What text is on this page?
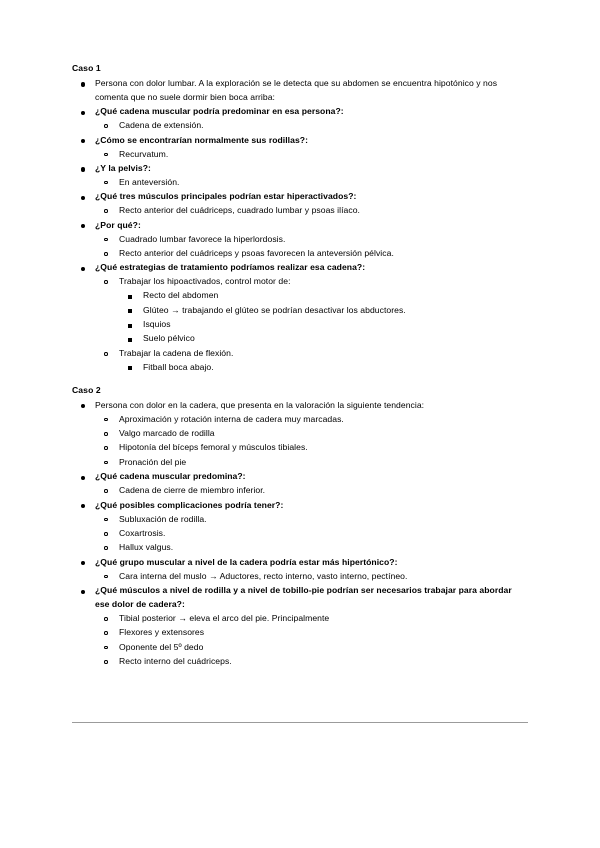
Caso 1
Persona con dolor lumbar. A la exploración se le detecta que su abdomen se encuentra hipotónico y nos comenta que no suele dormir bien boca arriba:
¿Qué cadena muscular podría predominar en esa persona?:
Cadena de extensión.
¿Cómo se encontrarían normalmente sus rodillas?:
Recurvatum.
¿Y la pelvis?:
En anteversión.
¿Qué tres músculos principales podrían estar hiperactivados?:
Recto anterior del cuádriceps, cuadrado lumbar y psoas ilíaco.
¿Por qué?:
Cuadrado lumbar favorece la hiperlordosis.
Recto anterior del cuádriceps y psoas favorecen la anteversión pélvica.
¿Qué estrategias de tratamiento podríamos realizar esa cadena?:
Trabajar los hipoactivados, control motor de:
Recto del abdomen
Glúteo → trabajando el glúteo se podrían desactivar los abductores.
Isquios
Suelo pélvico
Trabajar la cadena de flexión.
Fitball boca abajo.
Caso 2
Persona con dolor en la cadera, que presenta en la valoración la siguiente tendencia:
Aproximación y rotación interna de cadera muy marcadas.
Valgo marcado de rodilla
Hipotonía del bíceps femoral y músculos tibiales.
Pronación del pie
¿Qué cadena muscular predomina?:
Cadena de cierre de miembro inferior.
¿Qué posibles complicaciones podría tener?:
Subluxación de rodilla.
Coxartrosis.
Hallux valgus.
¿Qué grupo muscular a nivel de la cadera podría estar más hipertónico?:
Cara interna del muslo → Aductores, recto interno, vasto interno, pectíneo.
¿Qué músculos a nivel de rodilla y a nivel de tobillo-pie podrían ser necesarios trabajar para abordar ese dolor de cadera?:
Tibial posterior → eleva el arco del pie. Principalmente
Flexores y extensores
Oponente del 5º dedo
Recto interno del cuádriceps.
